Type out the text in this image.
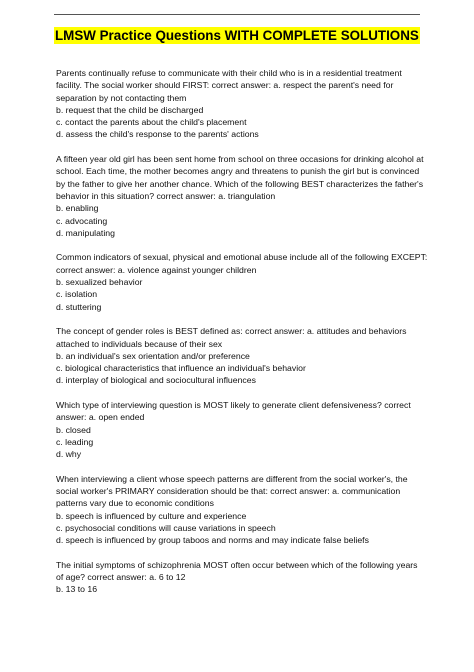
LMSW Practice Questions WITH COMPLETE SOLUTIONS
Parents continually refuse to communicate with their child who is in a residential treatment
facility. The social worker should FIRST: correct answer: a. respect the parent's need for
separation by not contacting them
b. request that the child be discharged
c. contact the parents about the child's placement
d. assess the child's response to the parents' actions
A fifteen year old girl has been sent home from school on three occasions for drinking alcohol at
school. Each time, the mother becomes angry and threatens to punish the girl but is convinced
by the father to give her another chance. Which of the following BEST characterizes the father's
behavior in this situation? correct answer: a. triangulation
b. enabling
c. advocating
d. manipulating
Common indicators of sexual, physical and emotional abuse include all of the following EXCEPT:
correct answer: a. violence against younger children
b. sexualized behavior
c. isolation
d. stuttering
The concept of gender roles is BEST defined as: correct answer: a. attitudes and behaviors
attached to individuals because of their sex
b. an individual's sex orientation and/or preference
c. biological characteristics that influence an individual's behavior
d. interplay of biological and sociocultural influences
Which type of interviewing question is MOST likely to generate client defensiveness? correct
answer: a. open ended
b. closed
c. leading
d. why
When interviewing a client whose speech patterns are different from the social worker's, the
social worker's PRIMARY consideration should be that: correct answer: a. communication
patterns vary due to economic conditions
b. speech is influenced by culture and experience
c. psychosocial conditions will cause variations in speech
d. speech is influenced by group taboos and norms and may indicate false beliefs
The initial symptoms of schizophrenia MOST often occur between which of the following years
of age? correct answer: a. 6 to 12
b. 13 to 16
